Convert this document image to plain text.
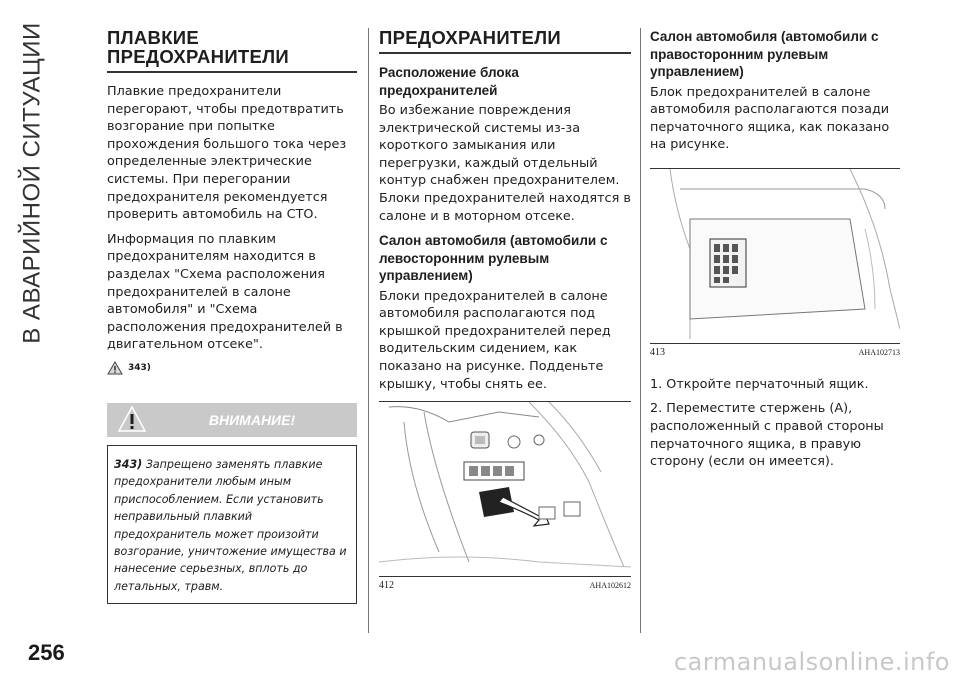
В АВАРИЙНОЙ СИТУАЦИИ	ПЛАВКИЕ
ПРЕДОХРАНИТЕЛИ

Плавкие предохранители перегорают, чтобы предотвратить возгорание при попытке прохождения большого тока через определенные электрические системы. При перегорании предохранителя рекомендуется проверить автомобиль на СТО.

Информация по плавким предохранителям находится в разделах "Схема расположения предохранителей в салоне автомобиля" и "Схема расположения предохранителей в двигательном отсеке".

343)
ВНИМАНИЕ!
343) Запрещено заменять плавкие предохранители любым иным приспособлением. Если установить неправильный плавкий предохранитель может произойти возгорание, уничтожение имущества и нанесение серьезных, вплоть до летальных, травм.
ПРЕДОХРАНИТЕЛИ
Расположение блока предохранителей

Во избежание повреждения электрической системы из-за короткого замыкания или перегрузки, каждый отдельный контур снабжен предохранителем. Блоки предохранителей находятся в салоне и в моторном отсеке.

Салон автомобиля (автомобили с левосторонним рулевым управлением)

Блоки предохранителей в салоне автомобиля располагаются под крышкой предохранителей перед водительским сидением, как показано на рисунке. Подденьте крышку, чтобы снять ее.

412	AHA102612
Салон автомобиля (автомобили с правосторонним рулевым управлением)

Блок предохранителей в салоне автомобиля располагаются позади перчаточного ящика, как показано на рисунке.

413	AHA102713

1. Откройте перчаточный ящик.

2. Переместите стержень (A), расположенный с правой стороны перчаточного ящика, в правую сторону (если он имеется).

256	carmanualsonline.info
